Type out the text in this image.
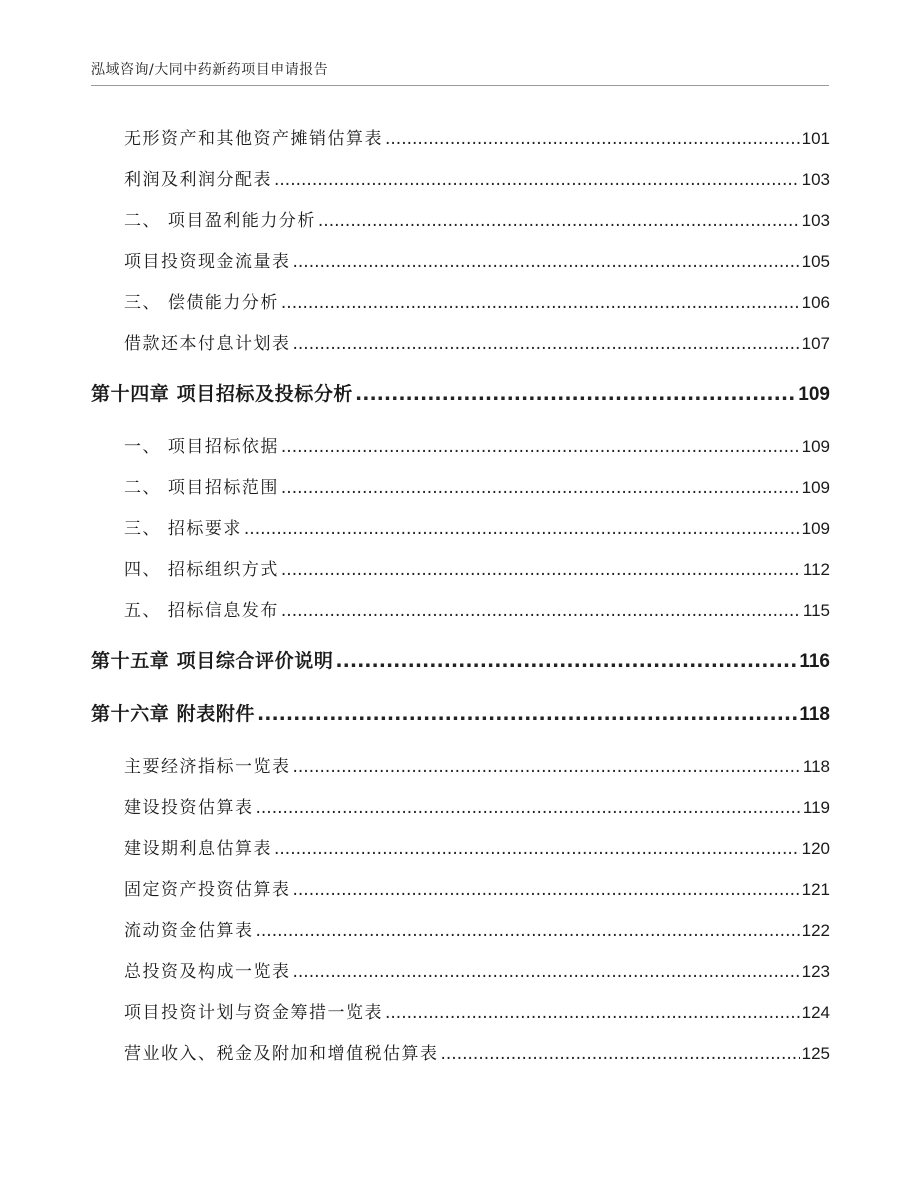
泓域咨询/大同中药新药项目申请报告
无形资产和其他资产摊销估算表 .....	101
利润及利润分配表 .....	103
二、 项目盈利能力分析 .....	103
项目投资现金流量表 .....	105
三、 偿债能力分析 .....	106
借款还本付息计划表 .....	107
第十四章 项目招标及投标分析 .....	109
一、 项目招标依据 .....	109
二、 项目招标范围 .....	109
三、 招标要求 .....	109
四、 招标组织方式 .....	112
五、 招标信息发布 .....	115
第十五章 项目综合评价说明 .....	116
第十六章 附表附件 .....	118
主要经济指标一览表 .....	118
建设投资估算表 .....	119
建设期利息估算表 .....	120
固定资产投资估算表 .....	121
流动资金估算表 .....	122
总投资及构成一览表 .....	123
项目投资计划与资金筹措一览表 .....	124
营业收入、税金及附加和增值税估算表 .....	125
